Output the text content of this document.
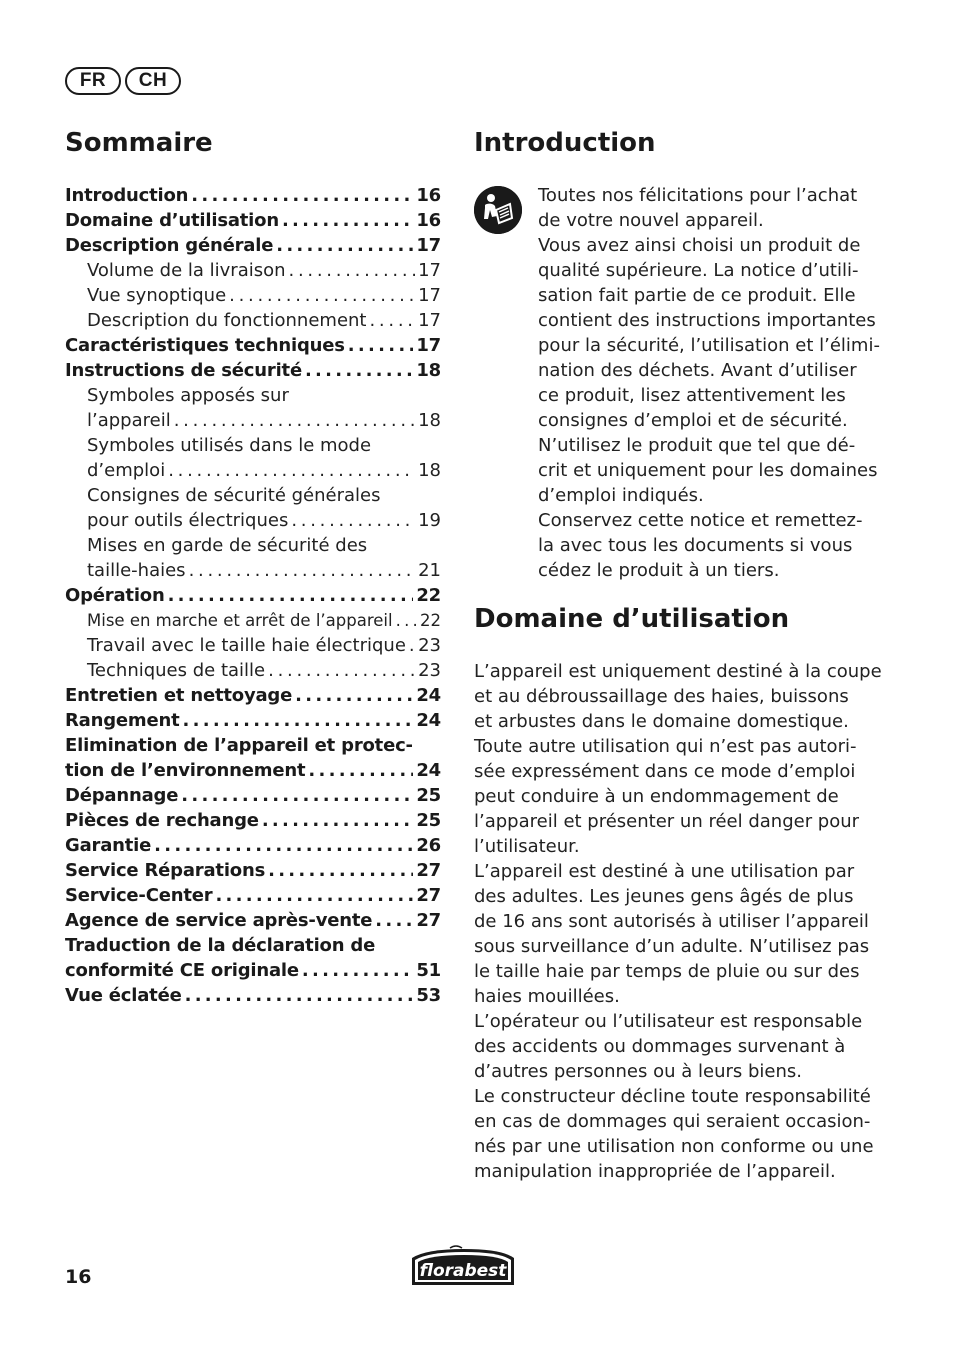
FR	CH
Sommaire
Introduction . . .	16
Domaine d’utilisation . . .	16
Description générale . . .	17
Volume de la livraison . . .	17
Vue synoptique . . .	17
Description du fonctionnement . . .	17
Caractéristiques techniques . . .	17
Instructions de sécurité . . .	18
Symboles apposés sur
l’appareil . . .	18
Symboles utilisés dans le mode
d’emploi . . .	18
Consignes de sécurité générales
pour outils électriques . . .	19
Mises en garde de sécurité des
taille-haies . . .	21
Opération . . .	22
Mise en marche et arrêt de l’appareil . . . 22
Travail avec le taille haie électrique . . . 23
Techniques de taille . . .	23
Entretien et nettoyage . . .	24
Rangement . . .	24
Elimination de l’appareil et protec-
tion de l’environnement . . .	24
Dépannage . . .	25
Pièces de rechange . . .	25
Garantie . . .	26
Service Réparations . . .	27
Service-Center . . .	27
Agence de service après-vente . . . 27
Traduction de la déclaration de
conformité CE originale . . .	51
Vue éclatée . . .	53
Introduction

Toutes nos félicitations pour l’achat

de votre nouvel appareil.

Vous avez ainsi choisi un produit de

qualité supérieure. La notice d’utili-

sation fait partie de ce produit. Elle

contient des instructions importantes

pour la sécurité, l’utilisation et l’élimi-

nation des déchets. Avant d’utiliser

ce produit, lisez attentivement les

consignes d’emploi et de sécurité.

N’utilisez le produit que tel que dé-

crit et uniquement pour les domaines

d’emploi indiqués.

Conservez cette notice et remettez-

la avec tous les documents si vous

cédez le produit à un tiers.

Domaine d’utilisation

L’appareil est uniquement destiné à la coupe

et au débroussaillage des haies, buissons

et arbustes dans le domaine domestique.

Toute autre utilisation qui n’est pas autori-

sée expressément dans ce mode d’emploi

peut conduire à un endommagement de

l’appareil et présenter un réel danger pour

l’utilisateur.

L’appareil est destiné à une utilisation par

des adultes. Les jeunes gens âgés de plus

de 16 ans sont autorisés à utiliser l’appareil

sous surveillance d’un adulte. N’utilisez pas

le taille haie par temps de pluie ou sur des

haies mouillées.

L’opérateur ou l’utilisateur est responsable

des accidents ou dommages survenant à

d’autres personnes ou à leurs biens.

Le constructeur décline toute responsabilité

en cas de dommages qui seraient occasion-

nés par une utilisation non conforme ou une

manipulation inappropriée de l’appareil.

16	florabest
